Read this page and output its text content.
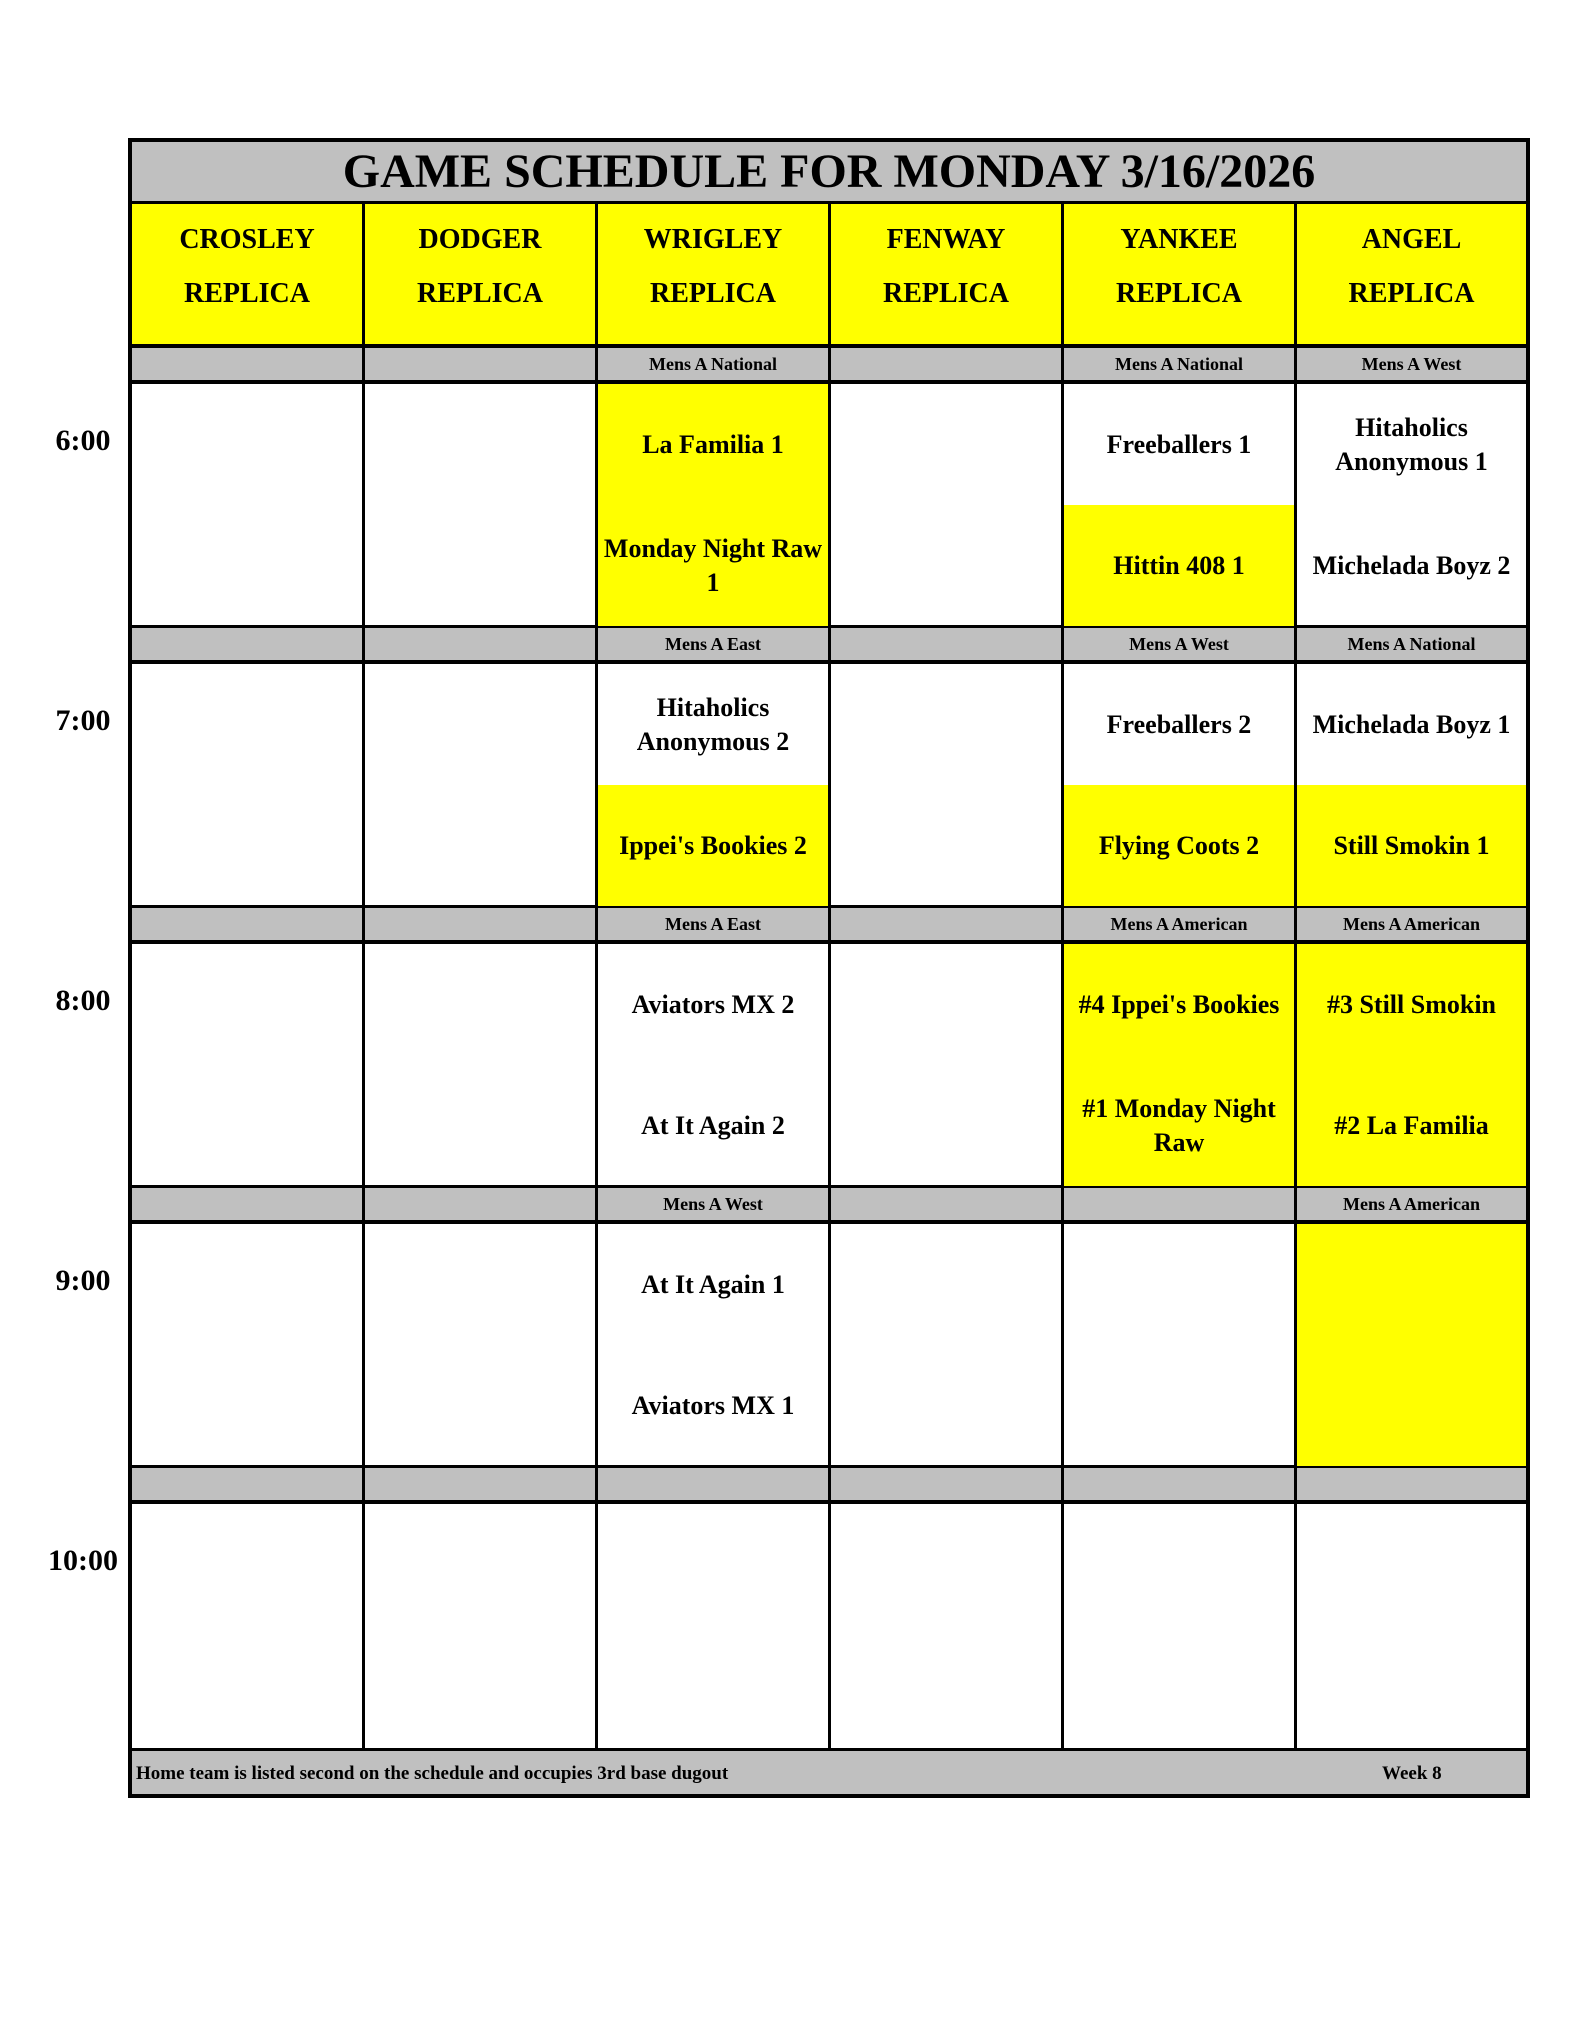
GAME SCHEDULE FOR MONDAY 3/16/2026
CROSLEY
REPLICA
DODGER
REPLICA
WRIGLEY
REPLICA
FENWAY
REPLICA
YANKEE
REPLICA
ANGEL
REPLICA
Mens A National
La Familia 1
Monday Night Raw 1
Mens A National
Freeballers 1
Hittin 408 1
Mens A West
Hitaholics Anonymous 1
Michelada Boyz 2
Mens A East
Hitaholics Anonymous 2
Ippei's Bookies 2
Mens A West
Freeballers 2
Flying Coots 2
Mens A National
Michelada Boyz 1
Still Smokin 1
Mens A East
Aviators MX 2
At It Again 2
Mens A American
#4 Ippei's Bookies
#1 Monday Night Raw
Mens A American
#3 Still Smokin
#2 La Familia
Mens A West
At It Again 1
Aviators MX 1
Mens A American
Home team is listed second on the schedule and occupies 3rd base dugout	Week 8
6:00
7:00
8:00
9:00
10:00
